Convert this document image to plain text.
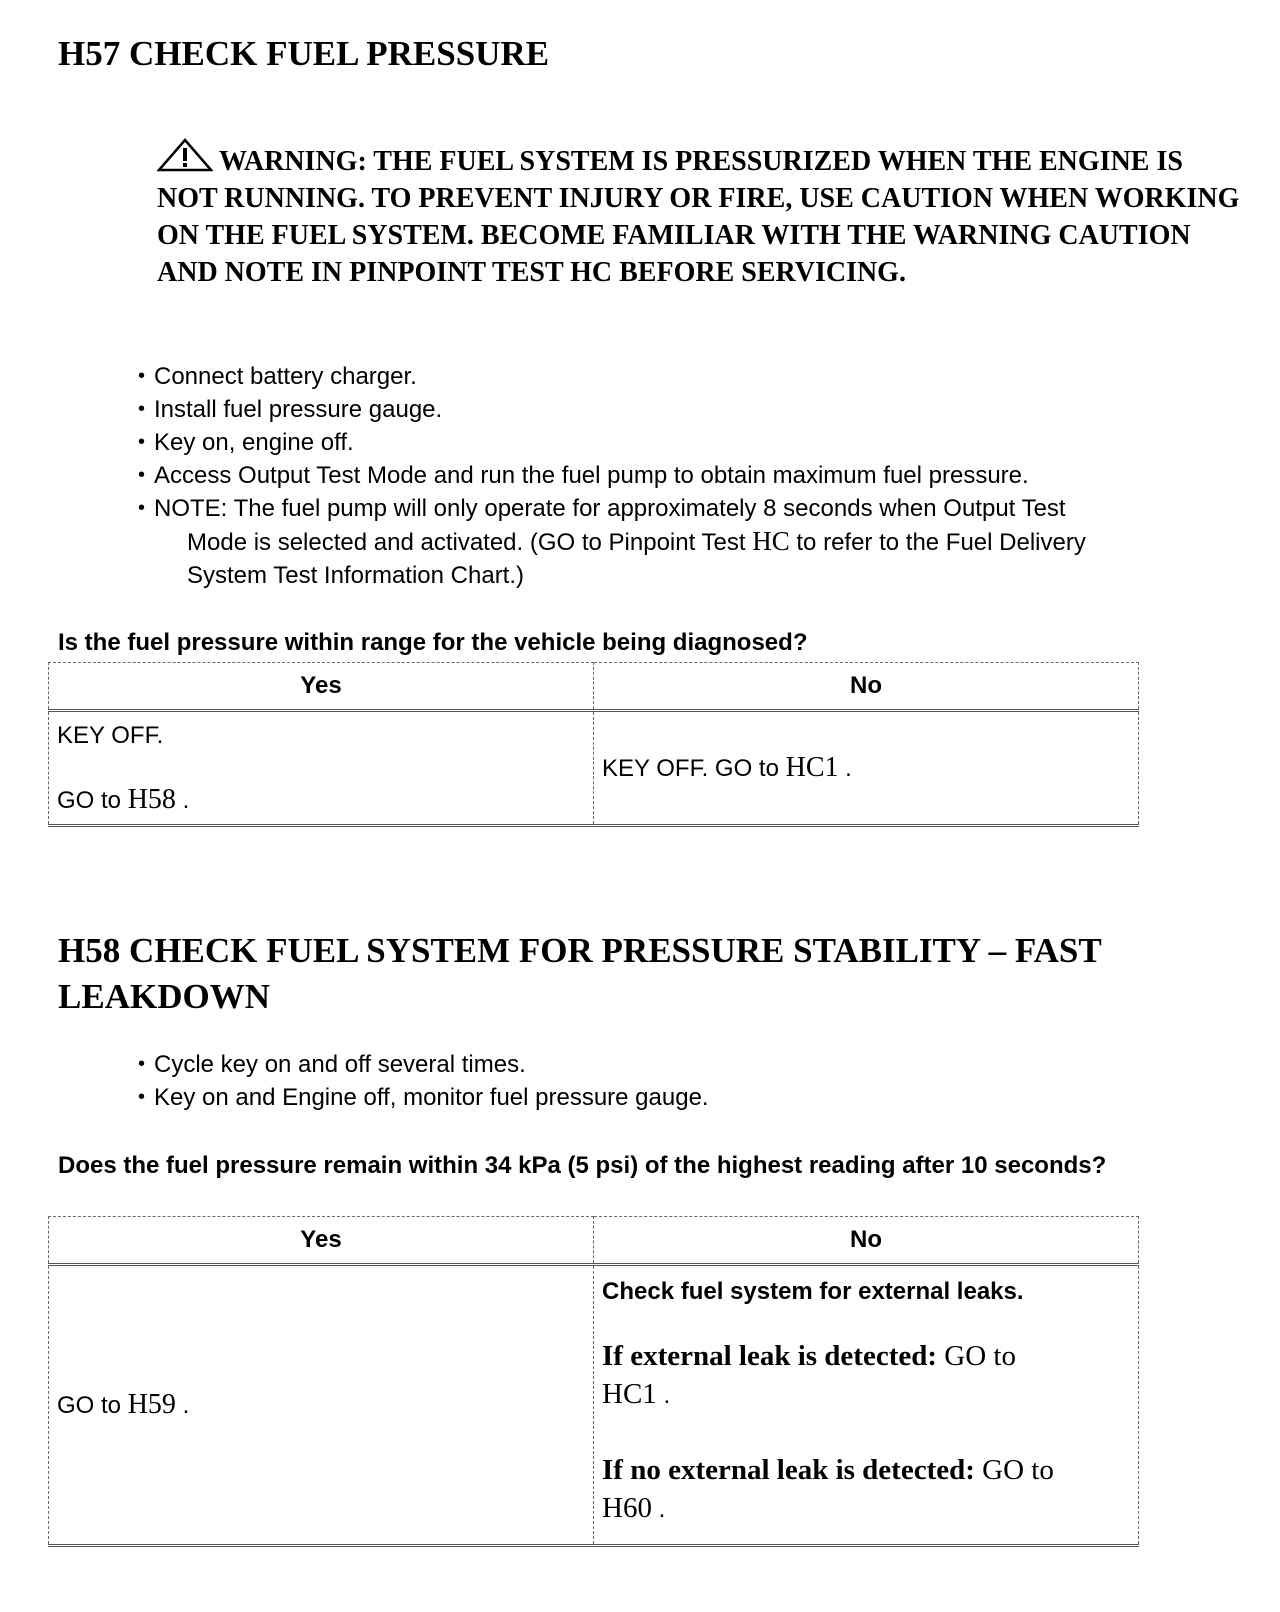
H57 CHECK FUEL PRESSURE
WARNING: THE FUEL SYSTEM IS PRESSURIZED WHEN THE ENGINE IS NOT RUNNING. TO PREVENT INJURY OR FIRE, USE CAUTION WHEN WORKING ON THE FUEL SYSTEM. BECOME FAMILIAR WITH THE WARNING CAUTION AND NOTE IN PINPOINT TEST HC BEFORE SERVICING.
• Connect battery charger.
• Install fuel pressure gauge.
• Key on, engine off.
• Access Output Test Mode and run the fuel pump to obtain maximum fuel pressure.
• NOTE: The fuel pump will only operate for approximately 8 seconds when Output Test
Mode is selected and activated. (GO to Pinpoint Test HC to refer to the Fuel Delivery
System Test Information Chart.)
Is the fuel pressure within range for the vehicle being diagnosed?
Yes	No

KEY OFF.
GO to H58 .	KEY OFF. GO to HC1 .
H58 CHECK FUEL SYSTEM FOR PRESSURE STABILITY – FAST LEAKDOWN
• Cycle key on and off several times.
• Key on and Engine off, monitor fuel pressure gauge.
Does the fuel pressure remain within 34 kPa (5 psi) of the highest reading after 10 seconds?
Yes	No
GO to H59 .	Check fuel system for external leaks.
If external leak is detected: GO to
HC1 .
If no external leak is detected: GO to
H60 .
